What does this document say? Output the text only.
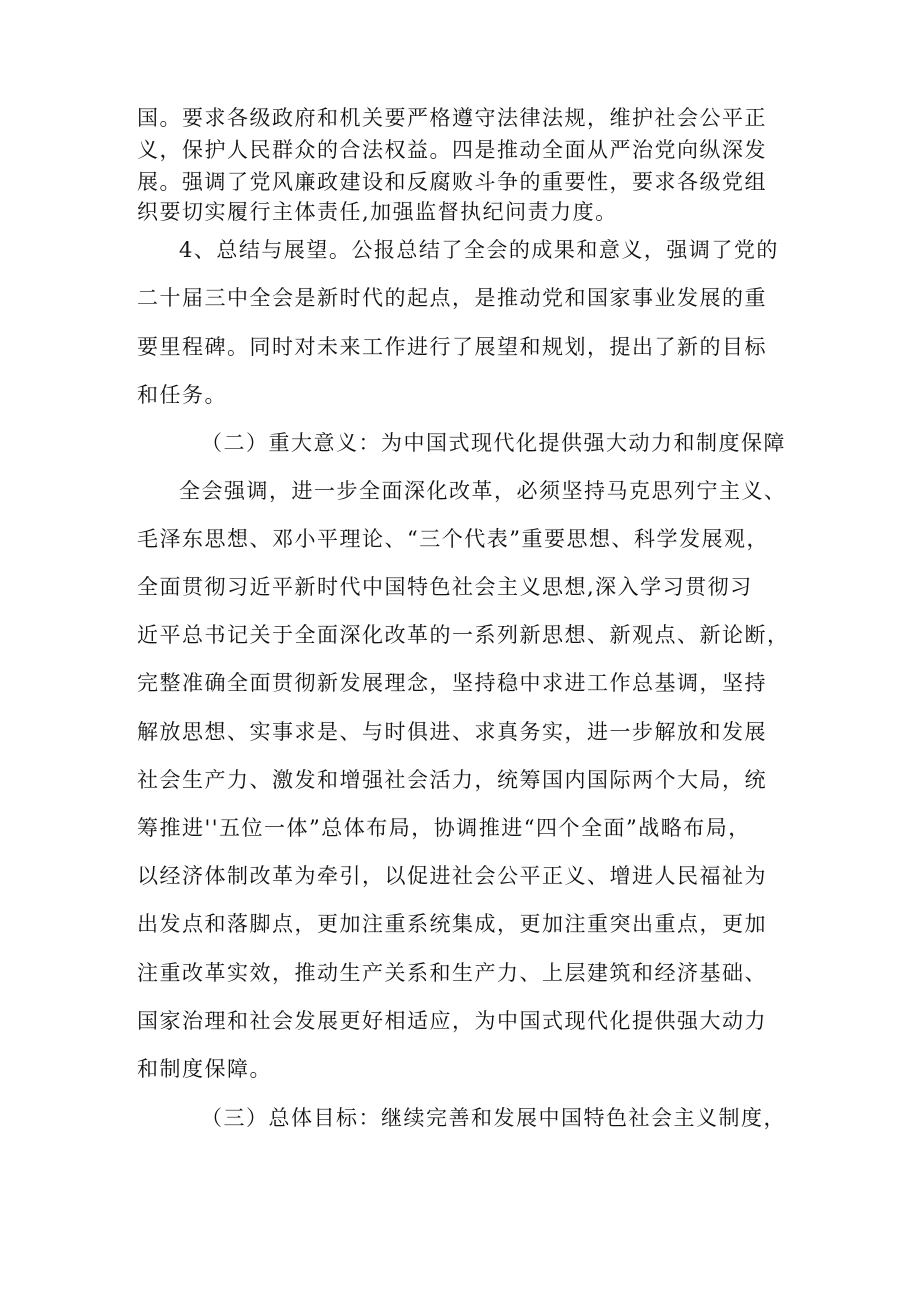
国。要求各级政府和机关要严格遵守法律法规，维护社会公平正
义，保护人民群众的合法权益。四是推动全面从严治党向纵深发
展。强调了党风廉政建设和反腐败斗争的重要性，要求各级党组
织要切实履行主体责任,加强监督执纪问责力度。
4、总结与展望。公报总结了全会的成果和意义，强调了党的
二十届三中全会是新时代的起点，是推动党和国家事业发展的重
要里程碑。同时对未来工作进行了展望和规划，提出了新的目标
和任务。
（二）重大意义：为中国式现代化提供强大动力和制度保障
全会强调，进一步全面深化改革，必须坚持马克思列宁主义、
毛泽东思想、邓小平理论、“三个代表”重要思想、科学发展观，
全面贯彻习近平新时代中国特色社会主义思想,深入学习贯彻习
近平总书记关于全面深化改革的一系列新思想、新观点、新论断，
完整准确全面贯彻新发展理念，坚持稳中求进工作总基调，坚持
解放思想、实事求是、与时俱进、求真务实，进一步解放和发展
社会生产力、激发和增强社会活力，统筹国内国际两个大局，统
筹推进''五位一体”总体布局，协调推进“四个全面”战略布局，
以经济体制改革为牵引，以促进社会公平正义、增进人民福祉为
出发点和落脚点，更加注重系统集成，更加注重突出重点，更加
注重改革实效，推动生产关系和生产力、上层建筑和经济基础、
国家治理和社会发展更好相适应，为中国式现代化提供强大动力
和制度保障。
（三）总体目标：继续完善和发展中国特色社会主义制度，
